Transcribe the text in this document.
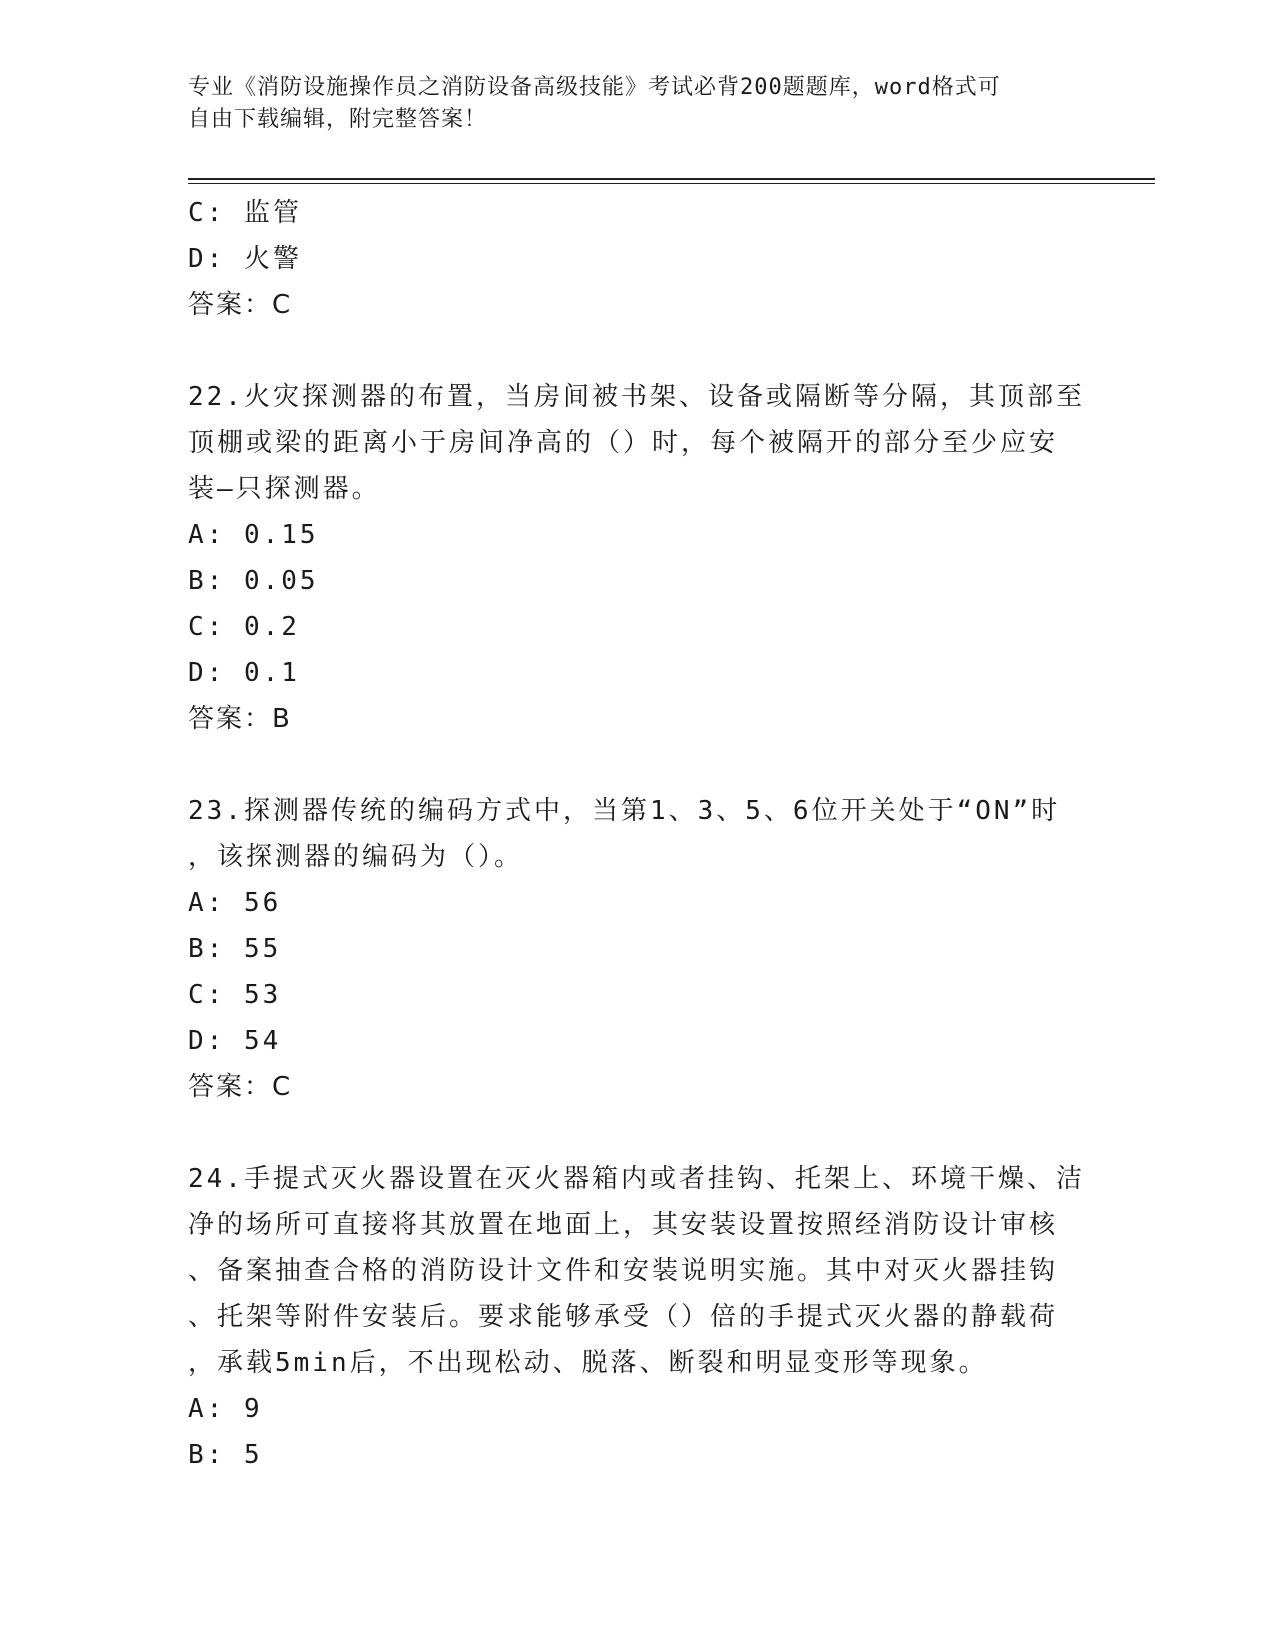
专业《消防设施操作员之消防设备高级技能》考试必背200题题库，word格式可
自由下载编辑，附完整答案！
C: 监管
D: 火警
答案：C
22.火灾探测器的布置，当房间被书架、设备或隔断等分隔，其顶部至
顶棚或梁的距离小于房间净高的（）时，每个被隔开的部分至少应安
装—只探测器。
A: 0.15
B: 0.05
C: 0.2
D: 0.1
答案：B
23.探测器传统的编码方式中，当第1、3、5、6位开关处于“ON”时
，该探测器的编码为（）。
A: 56
B: 55
C: 53
D: 54
答案：C
24.手提式灭火器设置在灭火器箱内或者挂钩、托架上、环境干燥、洁
净的场所可直接将其放置在地面上，其安装设置按照经消防设计审核
、备案抽查合格的消防设计文件和安装说明实施。其中对灭火器挂钩
、托架等附件安装后。要求能够承受（）倍的手提式灭火器的静载荷
，承载5min后，不出现松动、脱落、断裂和明显变形等现象。
A: 9
B: 5
